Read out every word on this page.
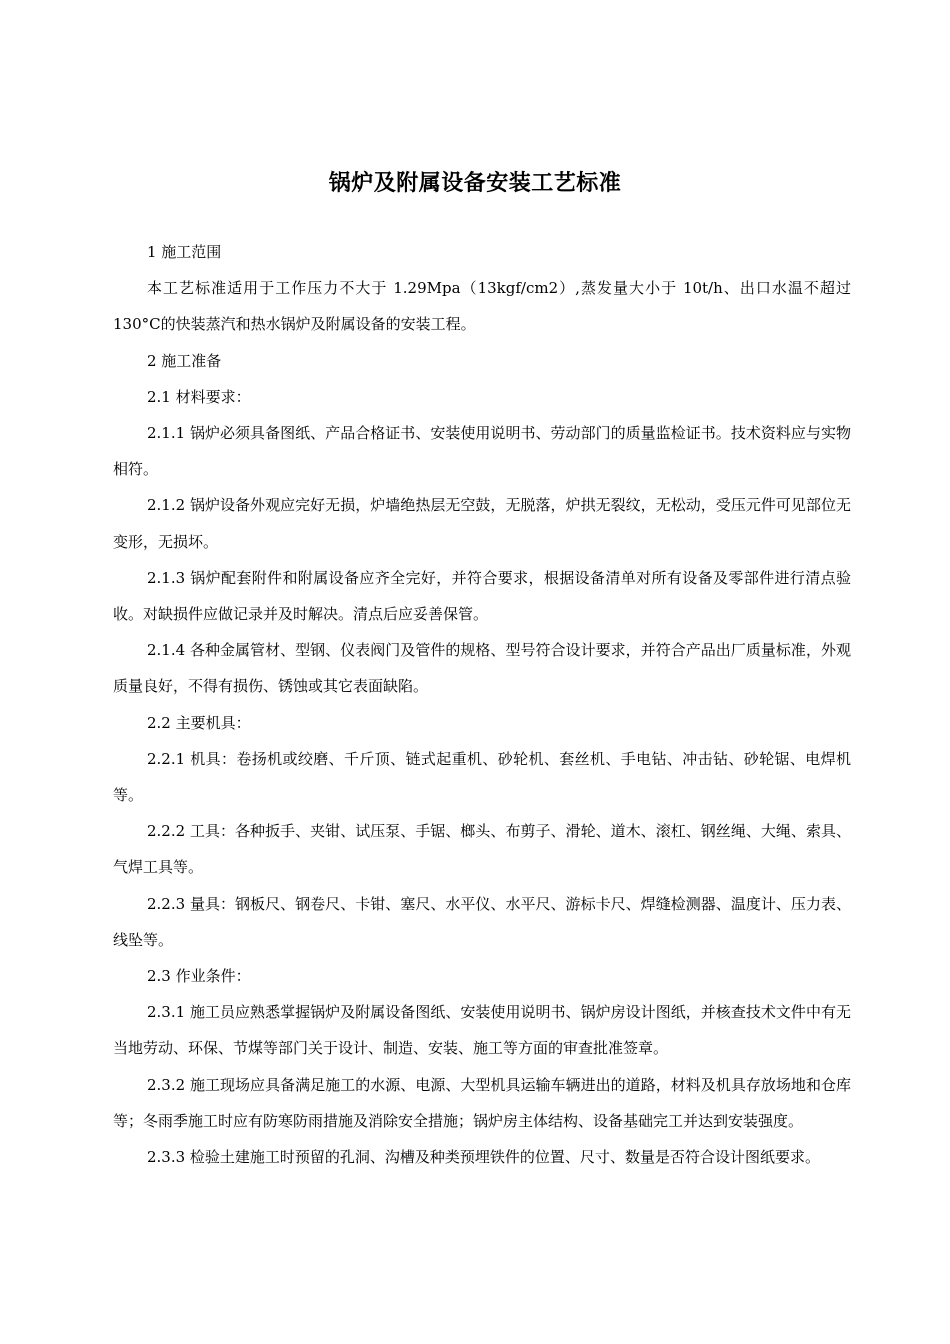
锅炉及附属设备安装工艺标准

1 施工范围

本工艺标准适用于工作压力不大于 1.29Mpa（13kgf/cm2）,蒸发量大小于 10t/h、出口水温不超过 130°C的快装蒸汽和热水锅炉及附属设备的安装工程。

2 施工准备

2.1 材料要求：

2.1.1 锅炉必须具备图纸、产品合格证书、安装使用说明书、劳动部门的质量监检证书。技术资料应与实物相符。

2.1.2 锅炉设备外观应完好无损，炉墙绝热层无空鼓，无脱落，炉拱无裂纹，无松动，受压元件可见部位无变形，无损坏。

2.1.3 锅炉配套附件和附属设备应齐全完好，并符合要求，根据设备清单对所有设备及零部件进行清点验收。对缺损件应做记录并及时解决。清点后应妥善保管。

2.1.4 各种金属管材、型钢、仪表阀门及管件的规格、型号符合设计要求，并符合产品出厂质量标准，外观质量良好，不得有损伤、锈蚀或其它表面缺陷。

2.2 主要机具：

2.2.1 机具：卷扬机或绞磨、千斤顶、链式起重机、砂轮机、套丝机、手电钻、冲击钻、砂轮锯、电焊机等。

2.2.2 工具：各种扳手、夹钳、试压泵、手锯、榔头、布剪子、滑轮、道木、滚杠、钢丝绳、大绳、索具、气焊工具等。

2.2.3 量具：钢板尺、钢卷尺、卡钳、塞尺、水平仪、水平尺、游标卡尺、焊缝检测器、温度计、压力表、线坠等。

2.3 作业条件：

2.3.1 施工员应熟悉掌握锅炉及附属设备图纸、安装使用说明书、锅炉房设计图纸，并核查技术文件中有无当地劳动、环保、节煤等部门关于设计、制造、安装、施工等方面的审查批准签章。

2.3.2 施工现场应具备满足施工的水源、电源、大型机具运输车辆进出的道路，材料及机具存放场地和仓库等；冬雨季施工时应有防寒防雨措施及消除安全措施；锅炉房主体结构、设备基础完工并达到安装强度。

2.3.3 检验土建施工时预留的孔洞、沟槽及种类预埋铁件的位置、尺寸、数量是否符合设计图纸要求。
